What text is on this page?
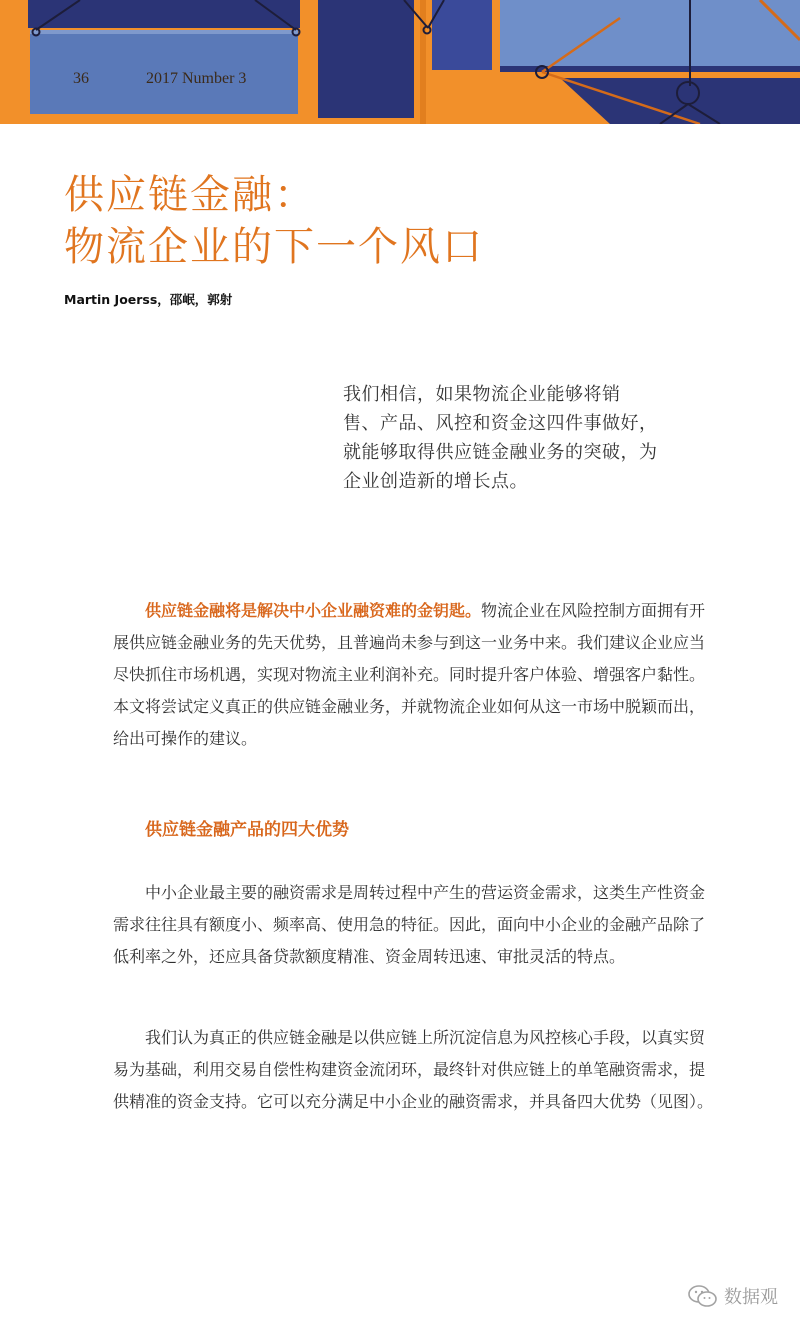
36	2017 Number 3
供应链金融：
物流企业的下一个风口
Martin Joerss，邵岷，郭射

我们相信，如果物流企业能够将销

售、产品、风控和资金这四件事做好，

就能够取得供应链金融业务的突破，为

企业创造新的增长点。

供应链金融将是解决中小企业融资难的金钥匙。物流企业在风险控制方面拥有开展供应链金融业务的先天优势，且普遍尚未参与到这一业务中来。我们建议企业应当尽快抓住市场机遇，实现对物流主业利润补充。同时提升客户体验、增强客户黏性。本文将尝试定义真正的供应链金融业务，并就物流企业如何从这一市场中脱颖而出，给出可操作的建议。

供应链金融产品的四大优势

中小企业最主要的融资需求是周转过程中产生的营运资金需求，这类生产性资金需求往往具有额度小、频率高、使用急的特征。因此，面向中小企业的金融产品除了低利率之外，还应具备贷款额度精准、资金周转迅速、审批灵活的特点。

我们认为真正的供应链金融是以供应链上所沉淀信息为风控核心手段，以真实贸易为基础，利用交易自偿性构建资金流闭环，最终针对供应链上的单笔融资需求，提供精准的资金支持。它可以充分满足中小企业的融资需求，并具备四大优势（见图）。

数据观
